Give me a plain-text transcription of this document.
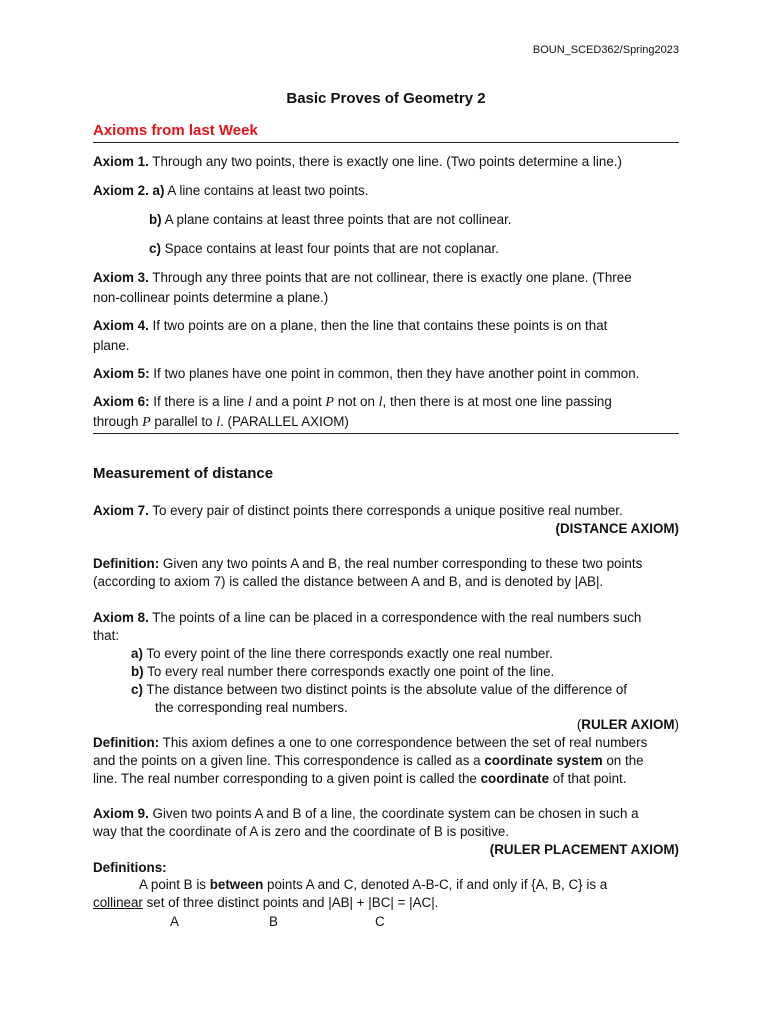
BOUN_SCED362/Spring2023
Basic Proves of Geometry 2
Axioms from last Week
Axiom 1. Through any two points, there is exactly one line. (Two points determine a line.)
Axiom 2. a) A line contains at least two points.
b) A plane contains at least three points that are not collinear.
c) Space contains at least four points that are not coplanar.
Axiom 3. Through any three points that are not collinear, there is exactly one plane. (Three
non-collinear points determine a plane.)
Axiom 4. If two points are on a plane, then the line that contains these points is on that
plane.
Axiom 5: If two planes have one point in common, then they have another point in common.
Axiom 6: If there is a line l and a point P not on l, then there is at most one line passing
through P parallel to l. (PARALLEL AXIOM)
Measurement of distance
Axiom 7. To every pair of distinct points there corresponds a unique positive real number.
(DISTANCE AXIOM)
Definition: Given any two points A and B, the real number corresponding to these two points
(according to axiom 7) is called the distance between A and B, and is denoted by |AB|.
Axiom 8. The points of a line can be placed in a correspondence with the real numbers such
that:
a) To every point of the line there corresponds exactly one real number.
b) To every real number there corresponds exactly one point of the line.
c) The distance between two distinct points is the absolute value of the difference of
the corresponding real numbers.
(RULER AXIOM)
Definition: This axiom defines a one to one correspondence between the set of real numbers
and the points on a given line. This correspondence is called as a coordinate system on the
line. The real number corresponding to a given point is called the coordinate of that point.
Axiom 9. Given two points A and B of a line, the coordinate system can be chosen in such a
way that the coordinate of A is zero and the coordinate of B is positive.
(RULER PLACEMENT AXIOM)
Definitions:
A point B is between points A and C, denoted A-B-C, if and only if {A, B, C} is a
collinear set of three distinct points and |AB| + |BC| = |AC|.
A	B	C
